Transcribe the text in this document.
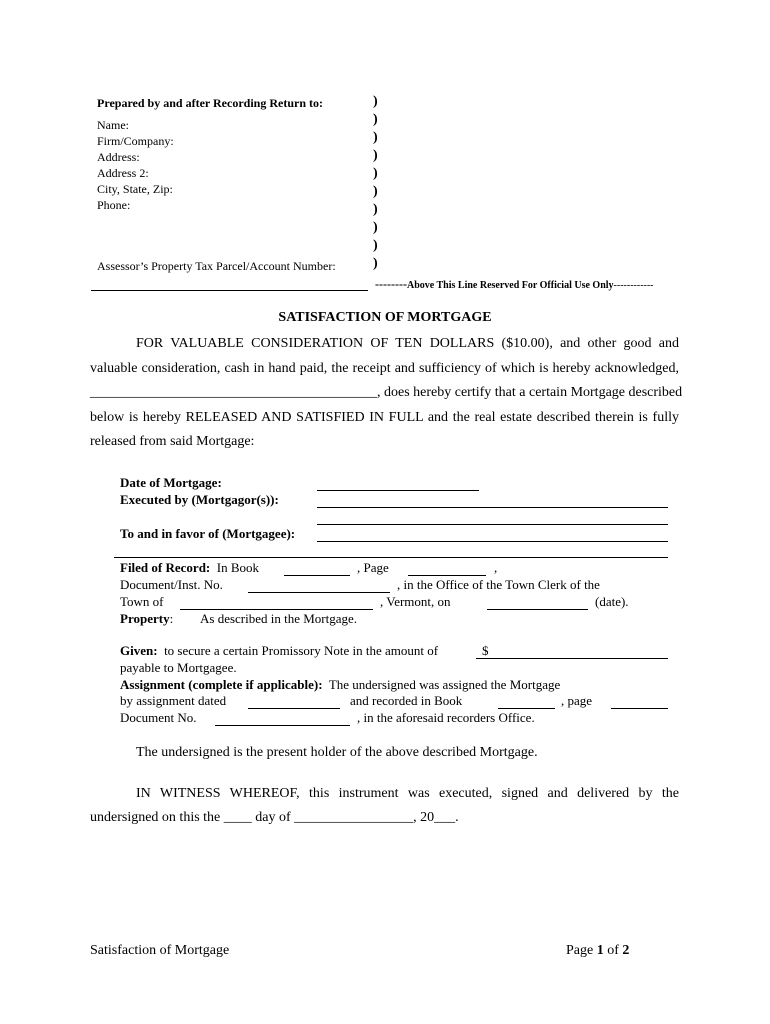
Prepared by and after Recording Return to:
Name:
Firm/Company:
Address:
Address 2:
City, State, Zip:
Phone:
Assessor’s Property Tax Parcel/Account Number:
)
)
)
)
)
)
)
)
)
)
--------Above This Line Reserved For Official Use Only------------
SATISFACTION OF MORTGAGE
FOR VALUABLE CONSIDERATION OF TEN DOLLARS ($10.00), and other good and
valuable consideration, cash in hand paid, the receipt and sufficiency of which is hereby acknowledged,
_________________________________________, does hereby certify that a certain Mortgage described
below is hereby RELEASED AND SATISFIED IN FULL and the real estate described therein is fully
released from said Mortgage:
Date of Mortgage:
Executed by (Mortgagor(s)):
To and in favor of (Mortgagee):
Filed of Record: In Book	, Page	,
Document/Inst. No.	, in the Office of the Town Clerk of the
Town of	, Vermont, on	(date).
Property: As described in the Mortgage.
Given: to secure a certain Promissory Note in the amount of	$
payable to Mortgagee.
Assignment (complete if applicable): The undersigned was assigned the Mortgage
by assignment dated	and recorded in Book	, page
Document No.	, in the aforesaid recorders Office.
The undersigned is the present holder of the above described Mortgage.
IN WITNESS WHEREOF, this instrument was executed, signed and delivered by the
undersigned on this the ____ day of _________________, 20___.
Satisfaction of Mortgage	Page 1 of 2
